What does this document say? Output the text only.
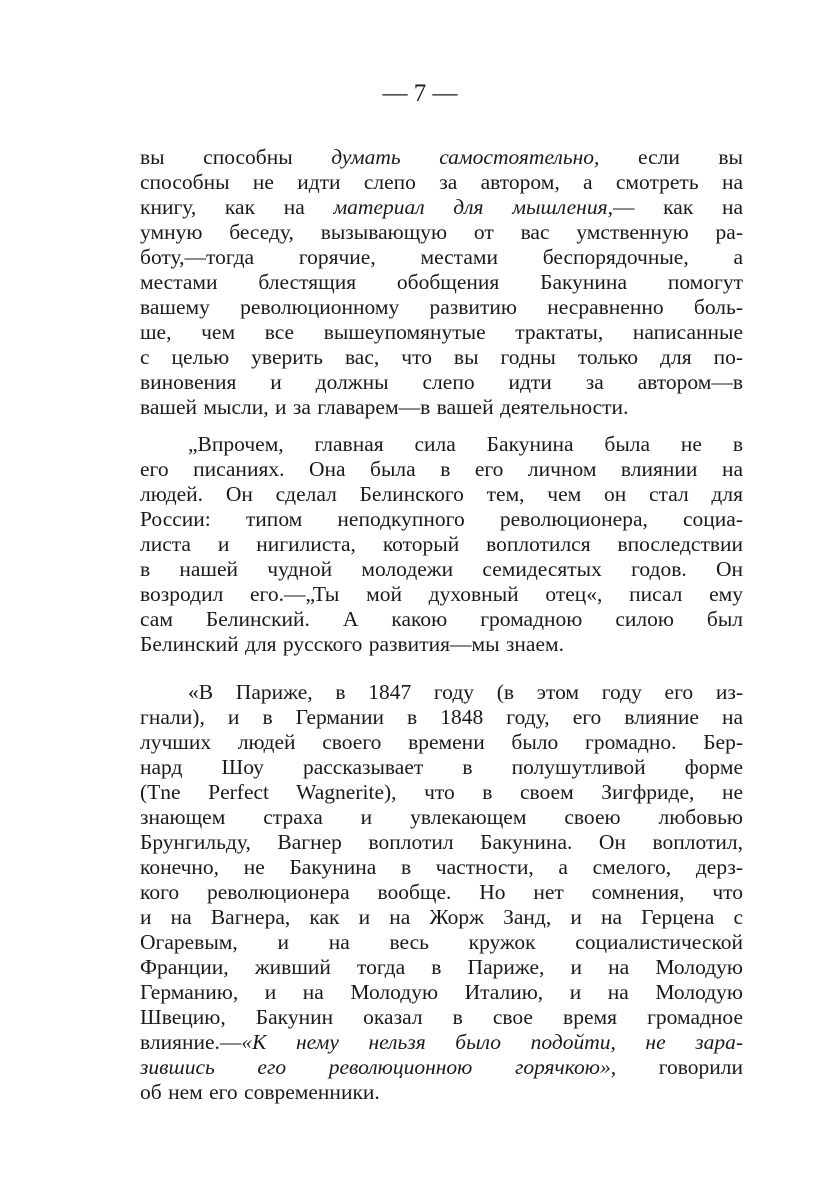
— 7 —
вы способны думать самостоятельно, если вы
способны не идти слепо за автором, а смотреть на
книгу, как на материал для мышления,— как на
умную беседу, вызывающую от вас умственную ра-
боту,—тогда горячие, местами беспорядочные, а
местами блестящия обобщения Бакунина помогут
вашему революционному развитию несравненно боль-
ше, чем все вышеупомянутые трактаты, написанные
с целью уверить вас, что вы годны только для по-
виновения и должны слепо идти за автором—в
вашей мысли, и за главарем—в вашей деятельности.
„Впрочем, главная сила Бакунина была не в
его писаниях. Она была в его личном влиянии на
людей. Он сделал Белинского тем, чем он стал для
России: типом неподкупного революционера, социа-
листа и нигилиста, который воплотился впоследствии
в нашей чудной молодежи семидесятых годов. Он
возродил его.—„Ты мой духовный отец«, писал ему
сам Белинский. А какою громадною силою был
Белинский для русского развития—мы знаем.
«В Париже, в 1847 году (в этом году его из-
гнали), и в Германии в 1848 году, его влияние на
лучших людей своего времени было громадно. Бер-
нард Шоу рассказывает в полушутливой форме
(Tne Perfect Wagnerite), что в своем Зигфриде, не
знающем страха и увлекающем своею любовью
Брунгильду, Вагнер воплотил Бакунина. Он воплотил,
конечно, не Бакунина в частности, а смелого, дерз-
кого революционера вообще. Но нет сомнения, что
и на Вагнера, как и на Жорж Занд, и на Герцена с
Огаревым, и на весь кружок социалистической
Франции, живший тогда в Париже, и на Молодую
Германию, и на Молодую Италию, и на Молодую
Швецию, Бакунин оказал в свое время громадное
влияние.—«К нему нельзя было подойти, не зара-
зившись его революционною горячкою», говорили
об нем его современники.
